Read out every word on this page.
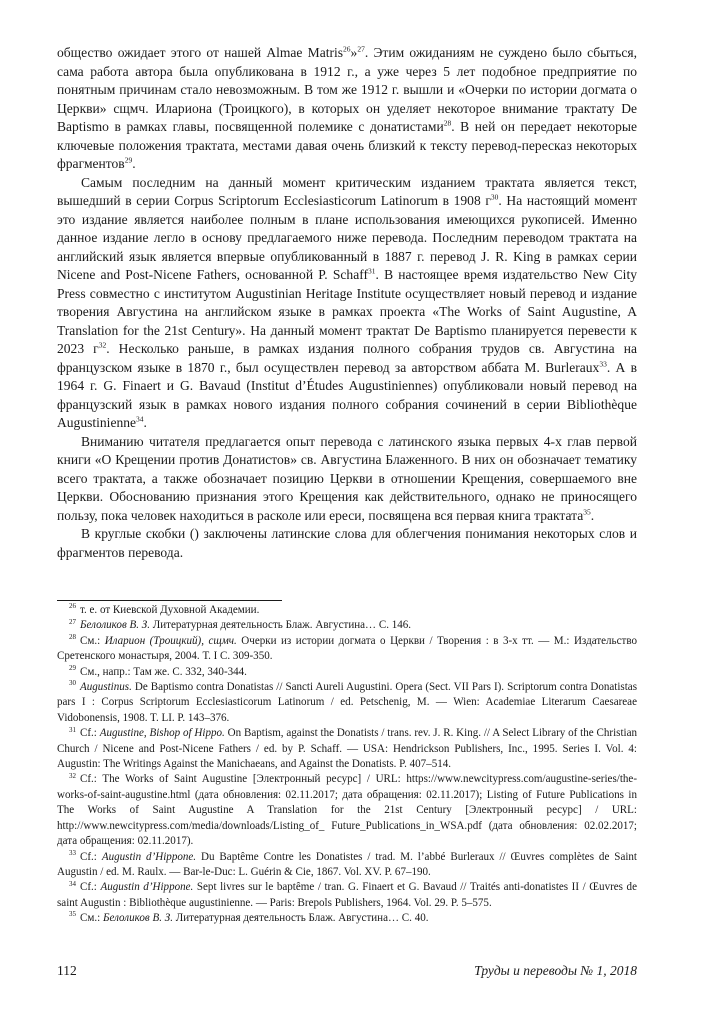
общество ожидает этого от нашей Almae Matris$^{26}$»$^{27}$. Этим ожиданиям не суждено было сбыться, сама работа автора была опубликована в 1912 г., а уже через 5 лет подобное предприятие по понятным причинам стало невозможным. В том же 1912 г. вышли и «Очерки по истории догмата о Церкви» сщмч. Илариона (Троицкого), в которых он уделяет некоторое внимание трактату De Baptismo в рамках главы, посвященной полемике с донатистами$^{28}$. В ней он передает некоторые ключевые положения трактата, местами давая очень близкий к тексту перевод-пересказ некоторых фрагментов$^{29}$.

Самым последним на данный момент критическим изданием трактата является текст, вышедший в серии Corpus Scriptorum Ecclesiasticorum Latinorum в 1908 $г^{30}$. На настоящий момент это издание является наиболее полным в плане использования имеющихся рукописей. Именно данное издание легло в основу предлагаемого ниже перевода. Последним переводом трактата на английский язык является впервые опубликованный в 1887 г. перевод J. R. King в рамках серии Nicene and Post-Nicene Fathers, основанной P. Schaff$^{31}$. В настоящее время издательство New City Press совместно с институтом Augustinian Heritage Institute осуществляет новый перевод и издание творения Августина на английском языке в рамках проекта «The Works of Saint Augustine, A Translation for the 21st Century». На данный момент трактат De Baptismo планируется перевести к 2023 $г^{32}$. Несколько раньше, в рамках издания полного собрания трудов св. Августина на французском языке в 1870 г., был осуществлен перевод за авторством аббата M. Burleraux$^{33}$. А в 1964 г. G. Finaert и G. Bavaud (Institut d’Études Augustiniennes) опубликовали новый перевод на французский язык в рамках нового издания полного собрания сочинений в серии Bibliothèque Augustinienne$^{34}$.

Вниманию читателя предлагается опыт перевода с латинского языка первых 4-х глав первой книги «О Крещении против Донатистов» св. Августина Блаженного. В них он обозначает тематику всего трактата, а также обозначает позицию Церкви в отношении Крещения, совершаемого вне Церкви. Обоснованию признания этого Крещения как действительного, однако не приносящего пользу, пока человек находиться в расколе или ереси, посвящена вся первая книга трактата$^{35}$.

В круглые скобки () заключены латинские слова для облегчения понимания некоторых слов и фрагментов перевода.

$^{26}$ т. е. от Киевской Духовной Академии.

$^{27}$ Белоликов В. З. Литературная деятельность Блаж. Августина… С. 146.

$^{28}$ См.: Иларион (Троицкий), сщмч. Очерки из истории догмата о Церкви / Творения : в 3-х тт. — М.: Издательство Сретенского монастыря, 2004. Т. I С. 309-350.

$^{29}$ См., напр.: Там же. С. 332, 340-344.

$^{30}$ Augustinus. De Baptismo contra Donatistas // Sancti Aureli Augustini. Opera (Sect. VII Pars I). Scriptorum contra Donatistas pars I : Corpus Scriptorum Ecclesiasticorum Latinorum / ed. Petschenig, M. — Wien: Academiae Literarum Caesareae Vidobonensis, 1908. T. LI. P. 143–376.

$^{31}$ Cf.: Augustine, Bishop of Hippo. On Baptism, against the Donatists / trans. rev. J. R. King. // A Select Library of the Christian Church / Nicene and Post-Nicene Fathers / ed. by P. Schaff. — USA: Hendrickson Publishers, Inc., 1995. Series I. Vol. 4: Augustin: The Writings Against the Manichaeans, and Against the Donatists. P. 407–514.

$^{32}$ Cf.: The Works of Saint Augustine [Электронный ресурс] / URL: https://www.newcitypress.com/augustine-series/the-works-of-saint-augustine.html (дата обновления: 02.11.2017; дата обращения: 02.11.2017); Listing of Future Publications in The Works of Saint Augustine A Translation for the 21st Century [Электронный ресурс] / URL: http://www.newcitypress.com/media/downloads/Listing_of_ Future_Publications_in_WSA.pdf (дата обновления: 02.02.2017; дата обращения: 02.11.2017).

$^{33}$ Cf.: Augustin d’Hippone. Du Baptême Contre les Donatistes / trad. M. l’abbé Burleraux // Œuvres complètes de Saint Augustin / ed. M. Raulx. — Bar-le-Duc: L. Guérin & Cie, 1867. Vol. XV. P. 67–190.

$^{34}$ Cf.: Augustin d’Hippone. Sept livres sur le baptême / tran. G. Finaert et G. Bavaud // Traités anti-donatistes II / Œuvres de saint Augustin : Bibliothèque augustinienne. — Paris: Brepols Publishers, 1964. Vol. 29. P. 5–575.

$^{35}$ См.: Белоликов В. З. Литературная деятельность Блаж. Августина… С. 40.

112	Труды и переводы № 1, 2018
